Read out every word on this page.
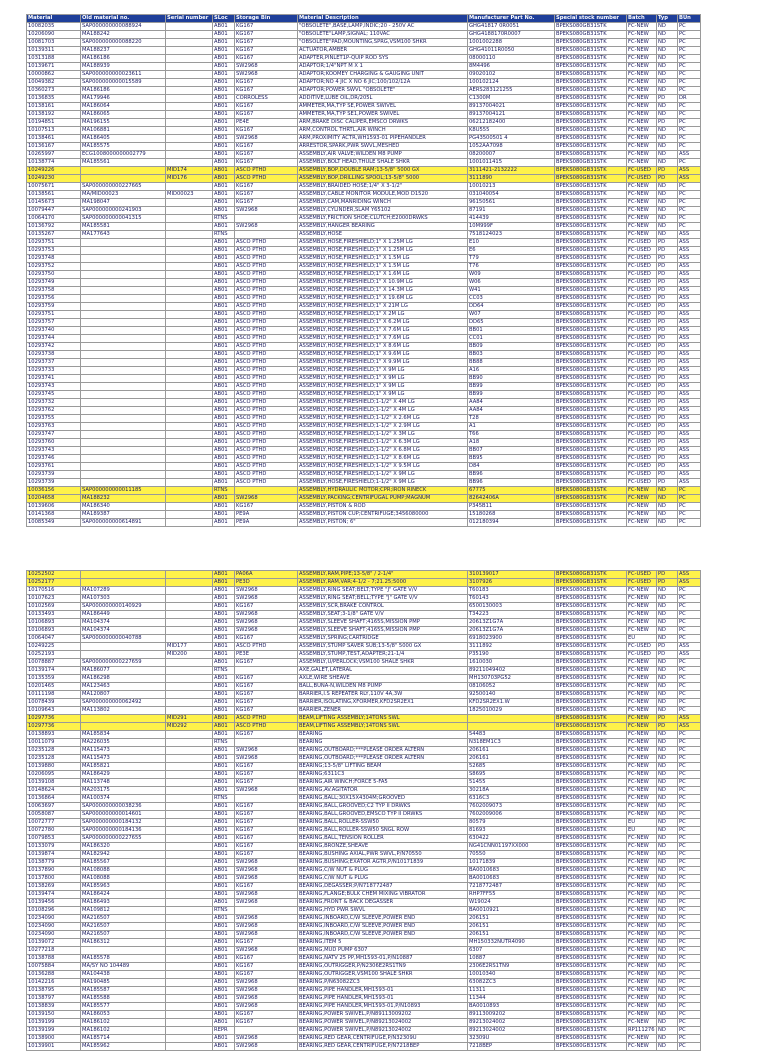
Material	Old material no.	Serial number	SLoc	Storage Bin	Material Description	Manufacturer Part No.	Special stock number	Batch	Typ	BUn
10082035	SAP000000000088924		AB01	KG167	"OBSOLETE",BASE,LAMP,INDIC;20 - 250V AC	GHG41817 0R0051	BPEKS080GB31STK	FC-NEW	ND	PC
10206090	MA188242		AB01	KG167	"OBSOLETE"LAMP,SIGNAL; 110VAC	GHG4188170R0007	BPEKS080GB31STK	FC-NEW	ND	PC
10081703	SAP000000000088220		AB01	KG167	"OBSOLETE"PAD,MOUNTING,SPRG,VSM100 SHKR	1001002288	BPEKS080GB31STK	FC-NEW	ND	PC
10139311	MA188237		AB01	KG167	ACTUATOR,AMBER	GHG41011R0050	BPEKS080GB31STK	FC-NEW	ND	PC
10313188	MA186186		AB01	KG167	ADAPTER,PINLET1P-QUIP ROD SYS	08000110	BPEKS080GB31STK	FC-NEW	ND	PC
10139671	MA188939		AB01	SW2968	ADAPTOR;1/4"NPT M X 1	8M4496	BPEKS080GB31STK	FC-NEW	ND	PC
10000862	SAP000000000023611		AB01	SW2968	ADAPTOR;KOOMEY CHARGING & GAUGING UNIT	09020102	BPEKS080GB31STK	FC-NEW	ND	PC
10049382	SAP000000000015589		AB01	KG167	ADAPTOR;NO 4 JIC X NO 6 JIC;100/102/12A	100102124	BPEKS080GB31STK	FC-NEW	ND	PC
10360273	MA186186		AB01	KG167	ADAPTOR;POWER SWVL "OBSOLETE"	AERS283121255	BPEKS080GB31STK	FC-NEW	ND	PC
10136835	MA179946		AB01	CORROLESS	ADDITIVE,LUBE OIL,DR/205L	C1300M	BPEKS080GB31STK	FC-NEW	PD	DR
10138161	MA186064		AB01	KG167	AMMETER,MA,TYP SE,POWER SWIVEL	89137004021	BPEKS080GB31STK	FC-NEW	ND	PC
10138192	MA186065		AB01	KG167	AMMETER,MA,TYP SE1,POWER SWIVEL	89137004121	BPEKS080GB31STK	FC-NEW	ND	PC
10194851	MA196155		AB01	PE4E	ARM,BRAKE DISC CALIPER,EMSCO DRWKS	06212182400	BPEKS080GB31STK	FC-NEW	PD	PC
10107513	MA106881		AB01	KG167	ARM,CONTROL THRTL,AIR WINCH	K8U555	BPEKS080GB31STK	FC-NEW	ND	PC
10138461	MA186405		AB01	SW2968	ARM,PROXIMITY ACTR,WH1593-01 PIPEHANDLER	PG43500501 4	BPEKS080GB31STK	FC-NEW	ND	PC
10136167	MA185575		AB01	KG167	ARRESTOR,SPARK,PWR SWVL,MESHED	1052AA7098	BPEKS080GB31STK	FC-NEW	ND	PC
10265997	ECG1008000000002779		AB01	KG167	ASSEMBLY,AIR VALVE;WILDEN M8 PUMP	08200007	BPEKS080GB31STK	FC-NEW	ND	ASS
10138774	MA185561		AB01	KG167	ASSEMBLY,BOLT HEAD,THULE SHALE SHKR	1001011415	BPEKS080GB31STK	FC-NEW	ND	PC
10249226		MID174	AB01	ASCO PTHD	ASSEMBLY,BOP,DOUBLE RAM;13-5/8" 5000 GX	3111421-2132222	BPEKS080GB31STK	FC-USED	PD	ASS
10249230		MID176	AB01	ASCO PTHD	ASSEMBLY,BOP,DRILLING SPOOL;13-5/8" 5000	3111890	BPEKS080GB31STK	FC-USED	PD	ASS
10075671	SAP000000000227665		AB01	KG167	ASSEMBLY,BRAIDED HOSE;1/4" X 3-1/2"	10010213	BPEKS080GB31STK	FC-NEW	ND	PC
10138561	MA/MID00023	MID00023	AB01	KG167	ASSEMBLY,CABLE MONITOR MODULE,MOD D1520	031040054	BPEKS080GB31STK	FC-NEW	ND	PC
10145673	MA198047		AB01	KG167	ASSEMBLY,CAM,MANRIDING WINCH	96150561	BPEKS080GB31STK	FC-NEW	ND	PC
10079447	SAP000000000241903		AB01	SW2968	ASSEMBLY,CYLINDER,SLAM Y65102	87191	BPEKS080GB31STK	FC-NEW	ND	PC
10064170	SAP000000000041315		RTNS		ASSEMBLY,FRICTION SHOE;CLUTCH;E2000DRWKS	414439	BPEKS080GB31STK	FC-NEW	ND	PC
10136792	MA185581		AB01	SW2968	ASSEMBLY,HANGER BEARING	10M999F	BPEKS080GB31STK	FC-NEW	ND	PC
10135267	MA177643		RTNS		ASSEMBLY,HOSE	7518124023	BPEKS080GB31STK	FC-NEW	ND	ASS
10293751			AB01	ASCO PTHD	ASSEMBLY,HOSE,FIRESHIELD;1" X 1.25M LG	E10	BPEKS080GB31STK	FC-USED	PD	ASS
10293753			AB01	ASCO PTHD	ASSEMBLY,HOSE,FIRESHIELD;1" X 1.25M LG	E6	BPEKS080GB31STK	FC-USED	PD	ASS
10293748			AB01	ASCO PTHD	ASSEMBLY,HOSE,FIRESHIELD;1" X 1.5M LG	T79	BPEKS080GB31STK	FC-USED	PD	ASS
10293752			AB01	ASCO PTHD	ASSEMBLY,HOSE,FIRESHIELD;1" X 1.5M LG	T76	BPEKS080GB31STK	FC-USED	PD	ASS
10293750			AB01	ASCO PTHD	ASSEMBLY,HOSE,FIRESHIELD;1" X 1.6M LG	W09	BPEKS080GB31STK	FC-USED	PD	ASS
10293749			AB01	ASCO PTHD	ASSEMBLY,HOSE,FIRESHIELD;1" X 10.9M LG	W06	BPEKS080GB31STK	FC-USED	PD	ASS
10293758			AB01	ASCO PTHD	ASSEMBLY,HOSE,FIRESHIELD;1" X 14.3M LG	W41	BPEKS080GB31STK	FC-USED	PD	ASS
10293756			AB01	ASCO PTHD	ASSEMBLY,HOSE,FIRESHIELD;1" X 19.6M LG	CC03	BPEKS080GB31STK	FC-USED	PD	ASS
10293759			AB01	ASCO PTHD	ASSEMBLY,HOSE,FIRESHIELD;1" X 21M LG	DD64	BPEKS080GB31STK	FC-USED	PD	ASS
10293751			AB01	ASCO PTHD	ASSEMBLY,HOSE,FIRESHIELD;1" X 2M LG	W07	BPEKS080GB31STK	FC-USED	PD	ASS
10293757			AB01	ASCO PTHD	ASSEMBLY,HOSE,FIRESHIELD;1" X 6.2M LG	DD65	BPEKS080GB31STK	FC-USED	PD	ASS
10293740			AB01	ASCO PTHD	ASSEMBLY,HOSE,FIRESHIELD;1" X 7.6M LG	BB01	BPEKS080GB31STK	FC-USED	PD	ASS
10293744			AB01	ASCO PTHD	ASSEMBLY,HOSE,FIRESHIELD;1" X 7.6M LG	CC01	BPEKS080GB31STK	FC-USED	PD	ASS
10293742			AB01	ASCO PTHD	ASSEMBLY,HOSE,FIRESHIELD;1" X 8.6M LG	BB09	BPEKS080GB31STK	FC-USED	PD	ASS
10293738			AB01	ASCO PTHD	ASSEMBLY,HOSE,FIRESHIELD;1" X 9.6M LG	BB03	BPEKS080GB31STK	FC-USED	PD	ASS
10293737			AB01	ASCO PTHD	ASSEMBLY,HOSE,FIRESHIELD;1" X 9.9M LG	BB88	BPEKS080GB31STK	FC-USED	PD	ASS
10293733			AB01	ASCO PTHD	ASSEMBLY,HOSE,FIRESHIELD;1" X 9M LG	A16	BPEKS080GB31STK	FC-USED	PD	ASS
10293741			AB01	ASCO PTHD	ASSEMBLY,HOSE,FIRESHIELD;1" X 9M LG	BB90	BPEKS080GB31STK	FC-USED	PD	ASS
10293743			AB01	ASCO PTHD	ASSEMBLY,HOSE,FIRESHIELD;1" X 9M LG	BB99	BPEKS080GB31STK	FC-USED	PD	ASS
10293745			AB01	ASCO PTHD	ASSEMBLY,HOSE,FIRESHIELD;1" X 9M LG	BB99	BPEKS080GB31STK	FC-USED	PD	ASS
10293732			AB01	ASCO PTHD	ASSEMBLY,HOSE,FIRESHIELD;1-1/2" X 4M LG	AA84	BPEKS080GB31STK	FC-USED	PD	ASS
10293762			AB01	ASCO PTHD	ASSEMBLY,HOSE,FIRESHIELD;1-1/2" X 4M LG	AA84	BPEKS080GB31STK	FC-USED	PD	ASS
10293755			AB01	ASCO PTHD	ASSEMBLY,HOSE,FIRESHIELD;1-1/2" X 2.6M LG	T28	BPEKS080GB31STK	FC-USED	PD	ASS
10293763			AB01	ASCO PTHD	ASSEMBLY,HOSE,FIRESHIELD;1-1/2" X 2.9M LG	A1	BPEKS080GB31STK	FC-USED	PD	ASS
10293747			AB01	ASCO PTHD	ASSEMBLY,HOSE,FIRESHIELD;1-1/2" X 3M LG	T66	BPEKS080GB31STK	FC-USED	PD	ASS
10293760			AB01	ASCO PTHD	ASSEMBLY,HOSE,FIRESHIELD;1-1/2" X 6.3M LG	A18	BPEKS080GB31STK	FC-USED	PD	ASS
10293743			AB01	ASCO PTHD	ASSEMBLY,HOSE,FIRESHIELD;1-1/2" X 6.8M LG	BB07	BPEKS080GB31STK	FC-USED	PD	ASS
10293746			AB01	ASCO PTHD	ASSEMBLY,HOSE,FIRESHIELD;1-1/2" X 8.6M LG	BB95	BPEKS080GB31STK	FC-USED	PD	ASS
10293761			AB01	ASCO PTHD	ASSEMBLY,HOSE,FIRESHIELD;1-1/2" X 9.5M LG	D84	BPEKS080GB31STK	FC-USED	PD	ASS
10293739			AB01	ASCO PTHD	ASSEMBLY,HOSE,FIRESHIELD;1-1/2" X 9M LG	BB96	BPEKS080GB31STK	FC-USED	PD	ASS
10293739			AB01	ASCO PTHD	ASSEMBLY,HOSE,FIRESHIELD;1-1/2" X 9M LG	BB96	BPEKS080GB31STK	FC-USED	PD	ASS
10036156	SAP000000000011185		RTNS		ASSEMBLY,HYDRAULIC MOTOR;CPR;IRON RINECK	67775	BPEKS080GB31STK	FC-NEW	ND	PC
10204658	MA188232		AB01	SW2968	ASSEMBLY,PACKING;CENTRIFUGAL PUMP;MAGNUM	82642406A	BPEKS080GB31STK	FC-NEW	ND	PC
10139606	MA186340		AB01	KG167	ASSEMBLY,PISTON & ROD	P345B11	BPEKS080GB31STK	FC-NEW	ND	PC
10141368	MA189387		AB01	PE9A	ASSEMBLY,PISTON CUP;CENTRIFUGE;3456080000	15180268	BPEKS080GB31STK	FC-NEW	ND	PC
10085349	SAP000000000614891		AB01	PE9A	ASSEMBLY,PISTON; 6"	012180394	BPEKS080GB31STK	FC-NEW	ND	PC
10252502			AB01	PA06A	ASSEMBLY,RAM,PIPE;13-5/8" / 2-1/4"	310139017	BPEKS080GB31STK	FC-USED	PD	ASS
10252177			AB01	PE3D	ASSEMBLY,RAM,VAR;4-1/2 - 7;21.25;5000	3107926	BPEKS080GB31STK	FC-USED	PD	ASS
10170516	MA107289		AB01	SW2968	ASSEMBLY,RING SEAT;BELT;TYPE "J" GATE V/V	T60183	BPEKS080GB31STK	FC-NEW	ND	PC
10107623	MA107303		AB01	SW2968	ASSEMBLY,RING SEAT;BELL;TYPE "J" GATE V/V	T60143	BPEKS080GB31STK	FC-NEW	ND	PC
10102569	SAP000000000140929		AB01	KG167	ASSEMBLY,SCR,BRAKE CONTROL	6500130003	BPEKS080GB31STK	FC-NEW	ND	PC
10133493	MA186449		AB01	SW2968	ASSEMBLY,SEAT;3-1/8" GATE V/V	T34223	BPEKS080GB31STK	FC-NEW	ND	PC
10106893	MA104374		AB01	SW2968	ASSEMBLY,SLEEVE SHAFT;4165S,MISSION PMP	20613Z1G7A	BPEKS080GB31STK	FC-NEW	ND	PC
10106893	MA104374		AB01	SW2968	ASSEMBLY,SLEEVE SHAFT;4165S,MISSION PMP	20613Z1G7A	BPEKS080GB31STK	FC-NEW	ND	PC
10064047	SAP000000000040788		AB01	KG167	ASSEMBLY,SPRING;CARTRIDGE	6918023900	BPEKS080GB31STK	EU	ND	PC
10249225		MID177	AB01	ASCO PTHD	ASSEMBLY,STUMP SAVER SUB;13-5/8" 5000 GX	3111892	BPEKS080GB31STK	FC-USED	PD	ASS
10252193		MID200	AB01	PE3E	ASSEMBLY,STUMP,TEST,ADAPTER;21-1/4	P35190	BPEKS080GB31STK	FC-USED	PD	ASS
10078887	SAP000000000227659		AB01	KG167	ASSEMBLY,U/PERLOCK;VSM100 SHALE SHKR	1610030	BPEKS080GB31STK	FC-NEW	ND	PC
10139174	MA186077		RTNS		AXE,GALET,LATERAL	89211049402	BPEKS080GB31STK	FC-NEW	ND	PC
10135359	MA186298		AB01	KG167	AXLE,WIRE SHEAVE	MH130703PG52	BPEKS080GB31STK	FC-NEW	ND	PC
10201465	MA123463		AB01	KG167	BALL,BUNA-N,WILDEN M8 PUMP	08106052	BPEKS080GB31STK	FC-NEW	ND	PC
10111198	MA120807		AB01	KG167	BARRIER,I.S REPEATER RLY,110V 4A,3W	92500140	BPEKS080GB31STK	FC-NEW	ND	PC
10078439	SAP000000000062492		AB01	KG167	BARRIER,ISOLATING,XFORMER,KFD2SR2EX1	KFD2SR2EX1.W	BPEKS080GB31STK	FC-NEW	ND	PC
10109643	MA113802		AB01	KG167	BARRIER,ZENER	1825010029	BPEKS080GB31STK	FC-NEW	ND	PC
10297736		MID291	AB01	ASCO PTHD	BEAM,LIFTING ASSEMBLY;14TONS SWL		BPEKS080GB31STK	FC-NEW	PD	ASS
10297736		MID292	AB01	ASCO PTHD	BEAM,LIFTING ASSEMBLY;14TONS SWL		BPEKS080GB31STK	FC-NEW	PD	ASS
10138893	MA185834		AB01	KG167	BEARING	54483	BPEKS080GB31STK	FC-NEW	ND	PC
10011079	MA226035		RTNS		BEARING	N318EM1C3	BPEKS080GB31STK	FC-NEW	ND	PC
10235128	MA115473		AB01	SW2968	BEARING,OUTBOARD;***PLEASE ORDER ALTERN	206161	BPEKS080GB31STK	FC-NEW	ND	PC
10235128	MA115473		AB01	SW2968	BEARING,OUTBOARD;***PLEASE ORDER ALTERN	206161	BPEKS080GB31STK	FC-NEW	ND	PC
10139880	MA185821		AB01	KG167	BEARING;13-5/8" LIFTING BEAM	52685	BPEKS080GB31STK	FC-NEW	ND	PC
10206095	MA186429		AB01	KG167	BEARING;6311C3	S8695	BPEKS080GB31STK	FC-NEW	ND	PC
10139108	MA113748		AB01	KG167	BEARING,AIR WINCH;FORCE 5-FA5	51455	BPEKS080GB31STK	FC-NEW	ND	PC
10148624	MA203175		AB01	SW2968	BEARING,AV.AGITATOR	30218A	BPEKS080GB31STK	FC-NEW	ND	PC
10136864	MA100374		RTNS		BEARING,BALL;30X15X4304M;GROOVED	6316C3	BPEKS080GB31STK	FC-NEW	ND	PC
10063697	SAP000000000038236		AB01	KG167	BEARING,BALL,GROOVED;C2 TYP II DRWKS	7602009073	BPEKS080GB31STK	FC-NEW	ND	PC
10058087	SAP000000000014601		AB01	KG167	BEARING,BALL,GROOVED,EMSCO TYP II DRWKS	7602009006	BPEKS080GB31STK	FC-NEW	ND	PC
10072777	SAP000000000184132		AB01	KG167	BEARING,BALL,ROLLER-SSW50	80579	BPEKS080GB31STK	EU	ND	PC
10072780	SAP000000000184136		AB01	KG167	BEARING,BALL,ROLLER-SSW50 SNGL ROW	81693	BPEKS080GB31STK	EU	ND	PC
10079853	SAP000000000227655		AB01	KG167	BEARING,BALL,TENSION ROLLER	630422	BPEKS080GB31STK	FC-NEW	ND	PC
10133079	MA186320		AB01	KG167	BEARING,BRONZE,SHEAVE	NG41CNN01197XX000	BPEKS080GB31STK	FC-NEW	ND	PC
10139874	MA182942		AB01	KG167	BEARING,BUSHING AXIAL,PWR SWVL,P/N70550	70550	BPEKS080GB31STK	FC-NEW	ND	PC
10138779	MA185567		AB01	SW2968	BEARING,BUSHING;EXATOR AGTR,P/N10171839	10171839	BPEKS080GB31STK	FC-NEW	ND	PC
10137890	MA108088		AB01	SW2968	BEARING,C/W NUT & PLUG	BA0010683	BPEKS080GB31STK	FC-NEW	ND	PC
10137800	MA108088		AB01	SW2968	BEARING,C/W NUT & PLUG	BA0010683	BPEKS080GB31STK	FC-NEW	ND	PC
10138269	MA185963		AB01	KG167	BEARING,DEGASSER;P/N718772487	7218772487	BPEKS080GB31STK	FC-NEW	ND	PC
10139474	MA186424		AB01	SW2968	BEARING,FLANGE;BULK CHEM MIXING VIBRATOR	RHP7FF55	BPEKS080GB31STK	FC-NEW	ND	PC
10139456	MA186493		AB01	SW2968	BEARING,FRONT & BACK DEGASSER	W19024	BPEKS080GB31STK	FC-NEW	ND	PC
10108296	MA109812		RTNS		BEARING,HYD PWR SWVL	BA0010921	BPEKS080GB31STK	FC-NEW	ND	PC
10234090	MA216507		AB01	SW2968	BEARING,INBOARD,C/W SLEEVE,POWER END	206151	BPEKS080GB31STK	FC-NEW	ND	PC
10234090	MA216507		AB01	SW2968	BEARING,INBOARD,C/W SLEEVE,POWER END	206151	BPEKS080GB31STK	FC-NEW	ND	PC
10234090	MA216507		AB01	SW2968	BEARING,INBOARD,C/W SLEEVE,POWER END	206151	BPEKS080GB31STK	FC-NEW	ND	PC
10139072	MA186312		AB01	KG167	BEARING,ITEM 5	MH150332NUTR4090	BPEKS080GB31STK	FC-NEW	ND	PC
10277218			AB01	SW2968	BEARING,MUD PUMP 6307	6307	BPEKS080GB31STK	FC-NEW	ND	PC
10138788	MA185578		AB01	KG167	BEARING,NATV 25 PP,MH1593-01,P/N10887	10887	BPEKS080GB31STK	FC-NEW	ND	PC
10075884	MA/SY NO 104489		AB01	KG167	BEARING,OUTRIGGER,P/N2306E2RS1TN9	2306E2RS1TN9	BPEKS080GB31STK	FC-NEW	ND	PC
10136288	MA104438		AB01	KG167	BEARING,OUTRIGGER,VSM100 SHALE SHKR	10010340	BPEKS080GB31STK	FC-NEW	ND	PC
10142216	MA190485		AB01	SW2968	BEARING,P/N63082ZC3	63082ZC3	BPEKS080GB31STK	FC-NEW	ND	PC
10138795	MA185587		AB01	SW2968	BEARING,PIPE HANDLER,MH1593-01	11311	BPEKS080GB31STK	FC-NEW	ND	PC
10138797	MA185588		AB01	SW2968	BEARING,PIPE HANDLER,MH1593-01	11344	BPEKS080GB31STK	FC-NEW	ND	PC
10138839	MA185577		AB01	SW2968	BEARING,PIPE HANDLER,MH1593-01,P/N10893	BA0010893	BPEKS080GB31STK	FC-NEW	ND	PC
10139150	MA186053		AB01	KG167	BEARING,POWER SWIVEL,P/N89113009202	89113009202	BPEKS080GB31STK	FC-NEW	ND	PC
10139199	MA186102		AB01	KG167	BEARING,POWER SWIVEL,P/N89213024002	89213024002	BPEKS080GB31STK	FC-NEW	ND	PC
10139199	MA186102		REPR		BEARING,POWER SWIVEL,P/N89213024002	89213024002	BPEKS080GB31STK	RP111276	ND	PC
10138900	MA185714		AB01	SW2968	BEARING,RED GEAR,CENTRIFUGE,P/N32309U	32309U	BPEKS080GB31STK	FC-NEW	ND	PC
10139901	MA185962		AB01	SW2968	BEARING,RED GEAR,CENTRIFUGE,P/N7218BEP	7218BEP	BPEKS080GB31STK	FC-NEW	ND	PC
